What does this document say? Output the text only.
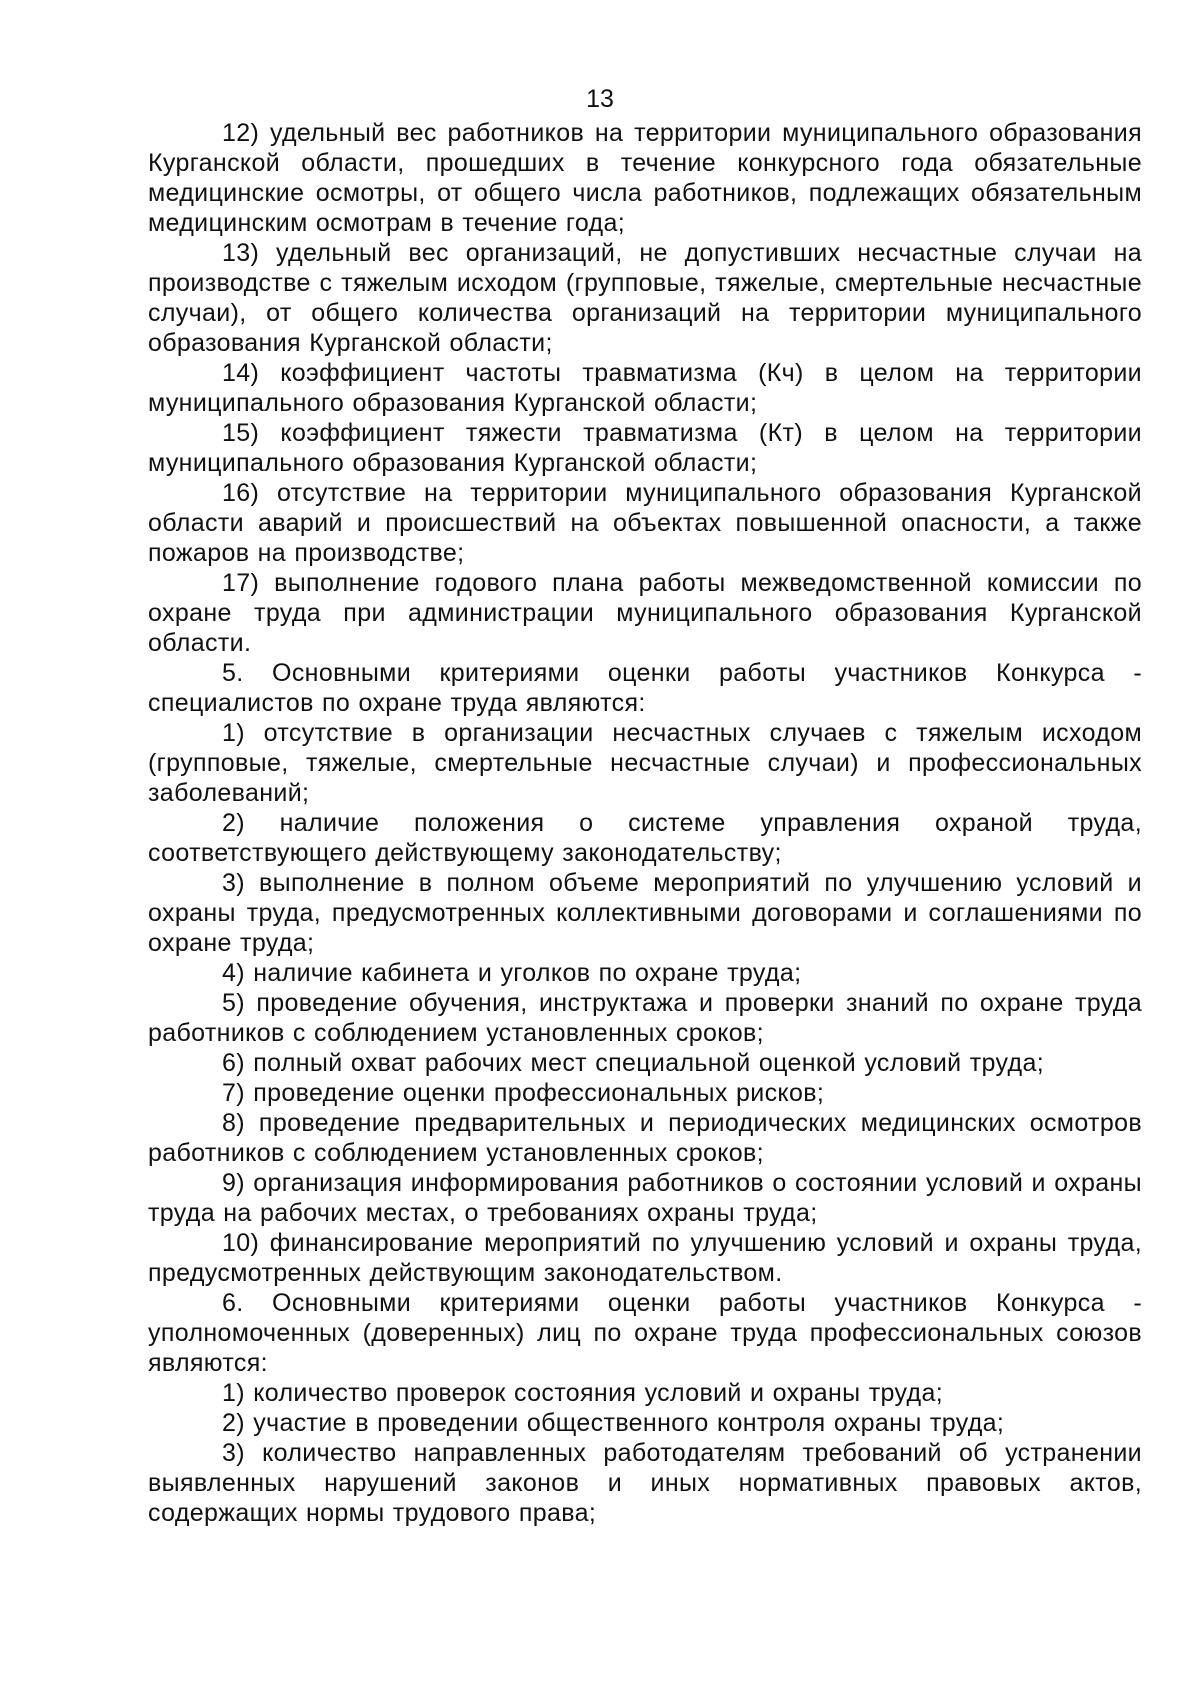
13

12) удельный вес работников на территории муниципального образования Курганской области, прошедших в течение конкурсного года обязательные медицинские осмотры, от общего числа работников, подлежащих обязательным медицинским осмотрам в течение года;

13) удельный вес организаций, не допустивших несчастные случаи на производстве с тяжелым исходом (групповые, тяжелые, смертельные несчастные случаи), от общего количества организаций на территории муниципального образования Курганской области;

14) коэффициент частоты травматизма (Кч) в целом на территории муниципального образования Курганской области;

15) коэффициент тяжести травматизма (Кт) в целом на территории муниципального образования Курганской области;

16) отсутствие на территории муниципального образования Курганской области аварий и происшествий на объектах повышенной опасности, а также пожаров на производстве;

17) выполнение годового плана работы межведомственной комиссии по охране труда при администрации муниципального образования Курганской области.

5. Основными критериями оценки работы участников Конкурса - специалистов по охране труда являются:

1) отсутствие в организации несчастных случаев с тяжелым исходом (групповые, тяжелые, смертельные несчастные случаи) и профессиональных заболеваний;

2) наличие положения о системе управления охраной труда, соответствующего действующему законодательству;

3) выполнение в полном объеме мероприятий по улучшению условий и охраны труда, предусмотренных коллективными договорами и соглашениями по охране труда;

4) наличие кабинета и уголков по охране труда;

5) проведение обучения, инструктажа и проверки знаний по охране труда работников с соблюдением установленных сроков;

6) полный охват рабочих мест специальной оценкой условий труда;

7) проведение оценки профессиональных рисков;

8) проведение предварительных и периодических медицинских осмотров работников с соблюдением установленных сроков;

9) организация информирования работников о состоянии условий и охраны труда на рабочих местах, о требованиях охраны труда;

10) финансирование мероприятий по улучшению условий и охраны труда, предусмотренных действующим законодательством.

6. Основными критериями оценки работы участников Конкурса - уполномоченных (доверенных) лиц по охране труда профессиональных союзов являются:

1) количество проверок состояния условий и охраны труда;

2) участие в проведении общественного контроля охраны труда;

3) количество направленных работодателям требований об устранении выявленных нарушений законов и иных нормативных правовых актов, содержащих нормы трудового права;
